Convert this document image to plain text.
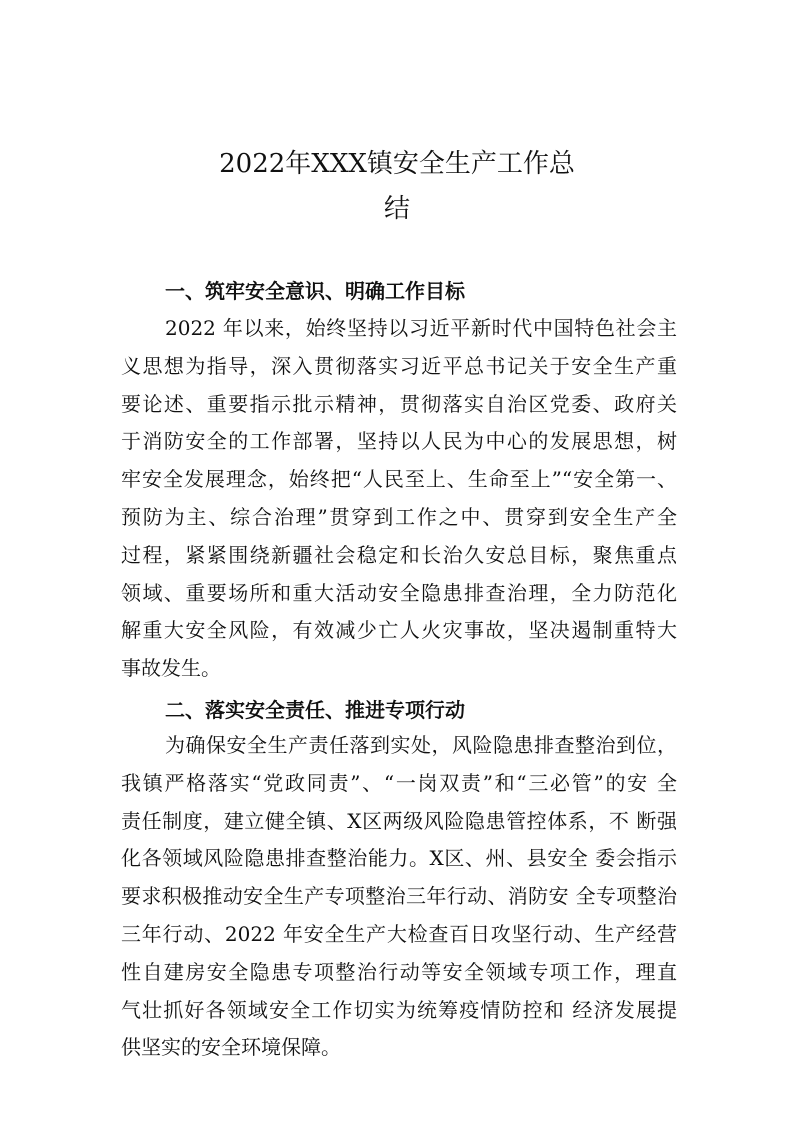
2022年XXX镇安全生产工作总
结
一、筑牢安全意识、明确工作目标
2022 年以来，始终坚持以习近平新时代中国特色社会主
义思想为指导，深入贯彻落实习近平总书记关于安全生产重
要论述、重要指示批示精神，贯彻落实自治区党委、政府关
于消防安全的工作部署，坚持以人民为中心的发展思想，树
牢安全发展理念，始终把“人民至上、生命至上”“安全第一、
预防为主、综合治理”贯穿到工作之中、贯穿到安全生产全
过程，紧紧围绕新疆社会稳定和长治久安总目标，聚焦重点
领域、重要场所和重大活动安全隐患排查治理，全力防范化
解重大安全风险，有效减少亡人火灾事故，坚决遏制重特大
事故发生。
二、落实安全责任、推进专项行动
为确保安全生产责任落到实处，风险隐患排查整治到位，
我镇严格落实“党政同责”、“一岗双责”和“三必管”的安 全
责任制度，建立健全镇、X区两级风险隐患管控体系，不 断强
化各领域风险隐患排查整治能力。X区、州、县安全 委会指示
要求积极推动安全生产专项整治三年行动、消防安 全专项整治
三年行动、2022 年安全生产大检查百日攻坚行动、生产经营
性自建房安全隐患专项整治行动等安全领域专项工作，理直
气壮抓好各领域安全工作切实为统筹疫情防控和 经济发展提
供坚实的安全环境保障。
